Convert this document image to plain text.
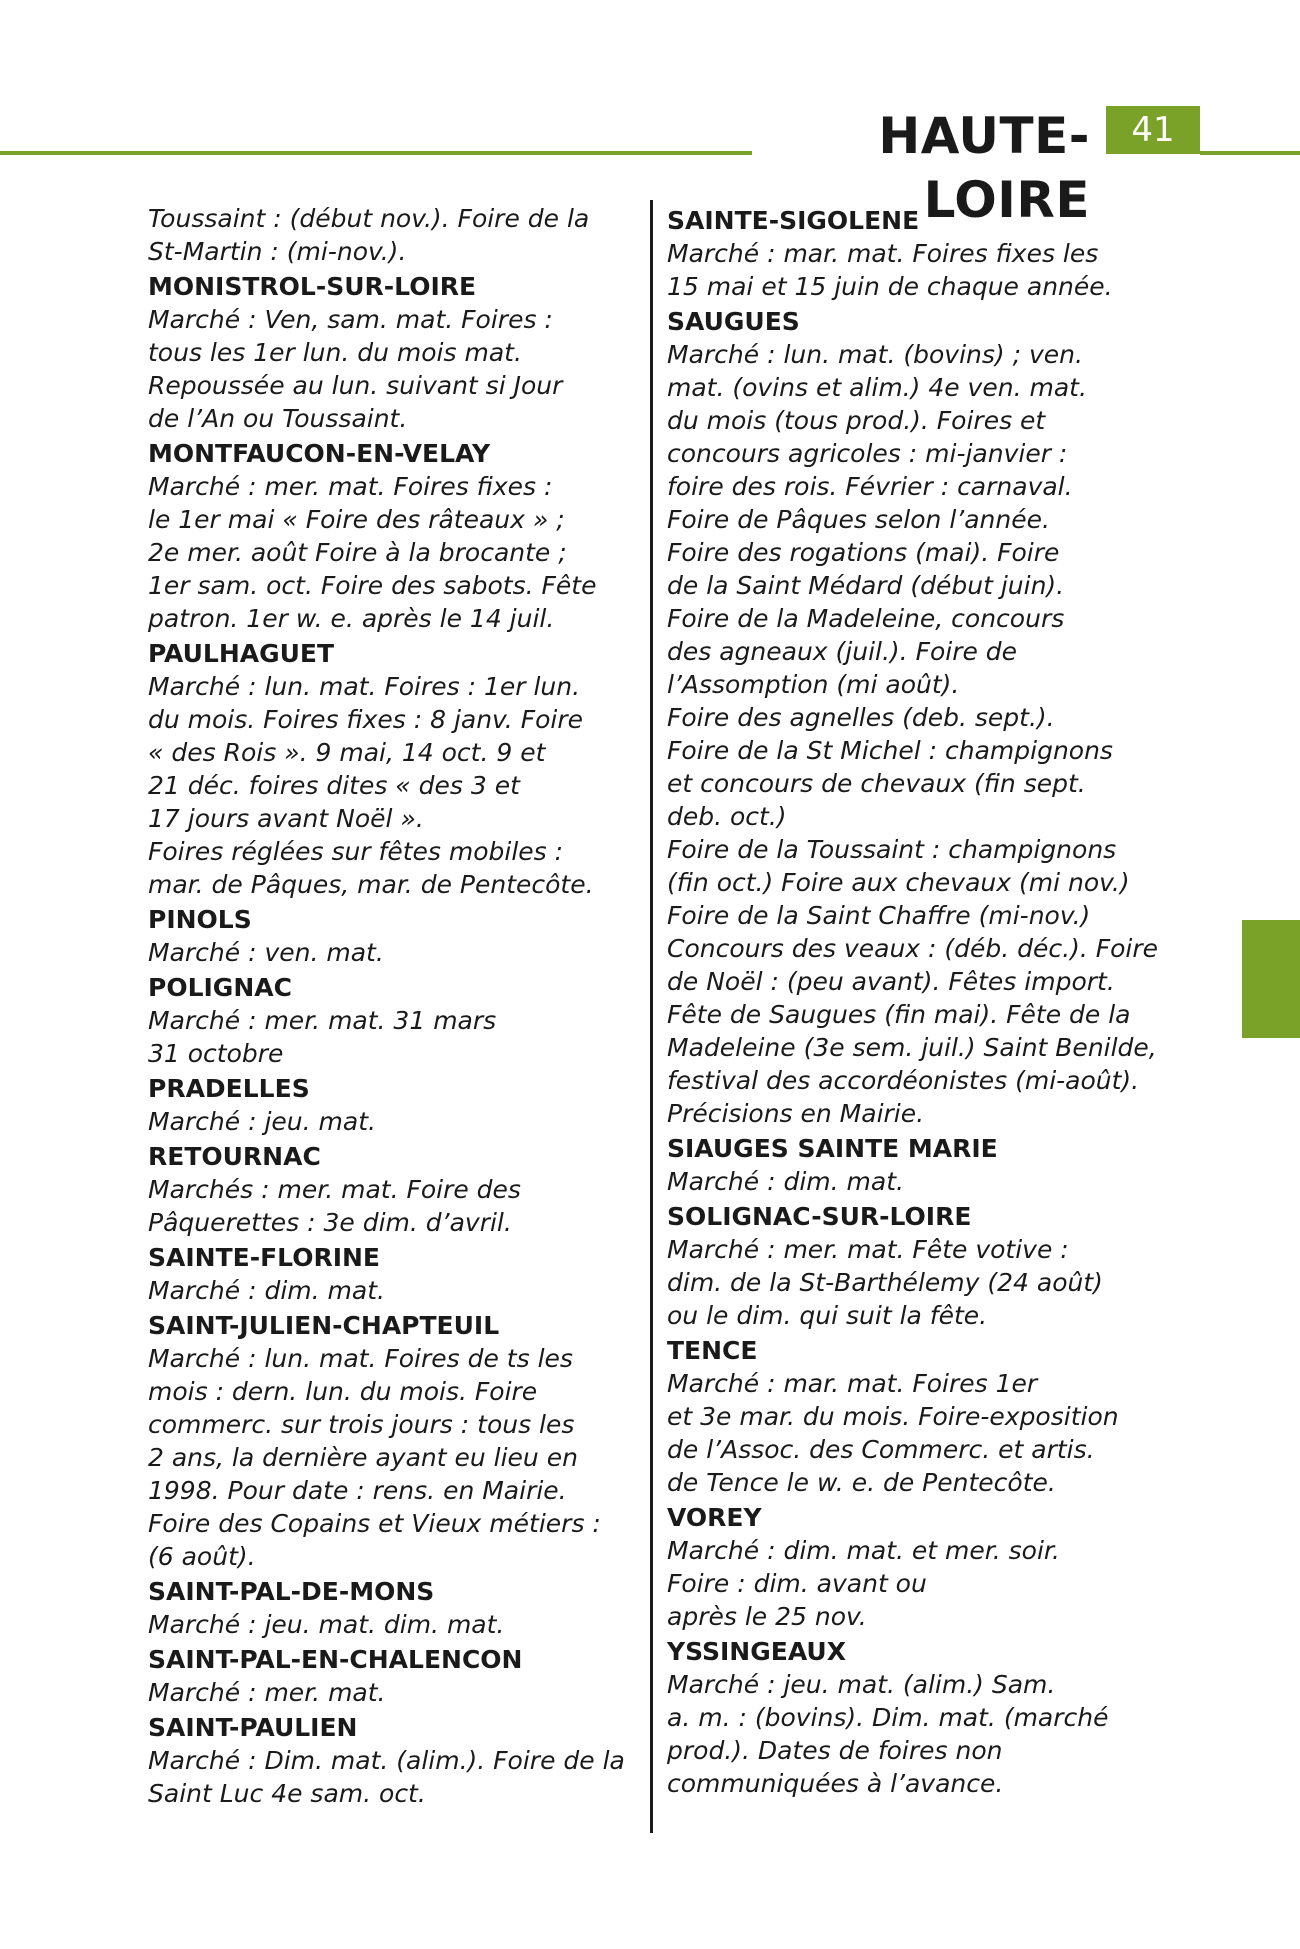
HAUTE-LOIRE
41

Toussaint : (début nov.). Foire de la

St-Martin : (mi-nov.).

MONISTROL-SUR-LOIRE

Marché : Ven, sam. mat. Foires :

tous les 1er lun. du mois mat.

Repoussée au lun. suivant si Jour

de l’An ou Toussaint.

MONTFAUCON-EN-VELAY

Marché : mer. mat. Foires fixes :

le 1er mai « Foire des râteaux » ;

2e mer. août Foire à la brocante ;

1er sam. oct. Foire des sabots. Fête

patron. 1er w. e. après le 14 juil.

PAULHAGUET

Marché : lun. mat. Foires : 1er lun.

du mois. Foires fixes : 8 janv. Foire

« des Rois ». 9 mai, 14 oct. 9 et

21 déc. foires dites « des 3 et

17 jours avant Noël ».

Foires réglées sur fêtes mobiles :

mar. de Pâques, mar. de Pentecôte.

PINOLS

Marché : ven. mat.

POLIGNAC

Marché : mer. mat. 31 mars

31 octobre

PRADELLES

Marché : jeu. mat.

RETOURNAC

Marchés : mer. mat. Foire des

Pâquerettes : 3e dim. d’avril.

SAINTE-FLORINE

Marché : dim. mat.

SAINT-JULIEN-CHAPTEUIL

Marché : lun. mat. Foires de ts les

mois : dern. lun. du mois. Foire

commerc. sur trois jours : tous les

2 ans, la dernière ayant eu lieu en

1998. Pour date : rens. en Mairie.

Foire des Copains et Vieux métiers :

(6 août).

SAINT-PAL-DE-MONS

Marché : jeu. mat. dim. mat.

SAINT-PAL-EN-CHALENCON

Marché : mer. mat.

SAINT-PAULIEN

Marché : Dim. mat. (alim.). Foire de la

Saint Luc 4e sam. oct.

SAINTE-SIGOLENE

Marché : mar. mat. Foires fixes les

15 mai et 15 juin de chaque année.

SAUGUES

Marché : lun. mat. (bovins) ; ven.

mat. (ovins et alim.) 4e ven. mat.

du mois (tous prod.). Foires et

concours agricoles : mi-janvier :

foire des rois. Février : carnaval.

Foire de Pâques selon l’année.

Foire des rogations (mai). Foire

de la Saint Médard (début juin).

Foire de la Madeleine, concours

des agneaux (juil.). Foire de

l’Assomption (mi août).

Foire des agnelles (deb. sept.).

Foire de la St Michel : champignons

et concours de chevaux (fin sept.

deb. oct.)

Foire de la Toussaint : champignons

(fin oct.) Foire aux chevaux (mi nov.)

Foire de la Saint Chaffre (mi-nov.)

Concours des veaux : (déb. déc.). Foire

de Noël : (peu avant). Fêtes import.

Fête de Saugues (fin mai). Fête de la

Madeleine (3e sem. juil.) Saint Benilde,

festival des accordéonistes (mi-août).

Précisions en Mairie.

SIAUGES SAINTE MARIE

Marché : dim. mat.

SOLIGNAC-SUR-LOIRE

Marché : mer. mat. Fête votive :

dim. de la St-Barthélemy (24 août)

ou le dim. qui suit la fête.

TENCE

Marché : mar. mat. Foires 1er

et 3e mar. du mois. Foire-exposition

de l’Assoc. des Commerc. et artis.

de Tence le w. e. de Pentecôte.

VOREY

Marché : dim. mat. et mer. soir.

Foire : dim. avant ou

après le 25 nov.

YSSINGEAUX

Marché : jeu. mat. (alim.) Sam.

a. m. : (bovins). Dim. mat. (marché

prod.). Dates de foires non

communiquées à l’avance.
